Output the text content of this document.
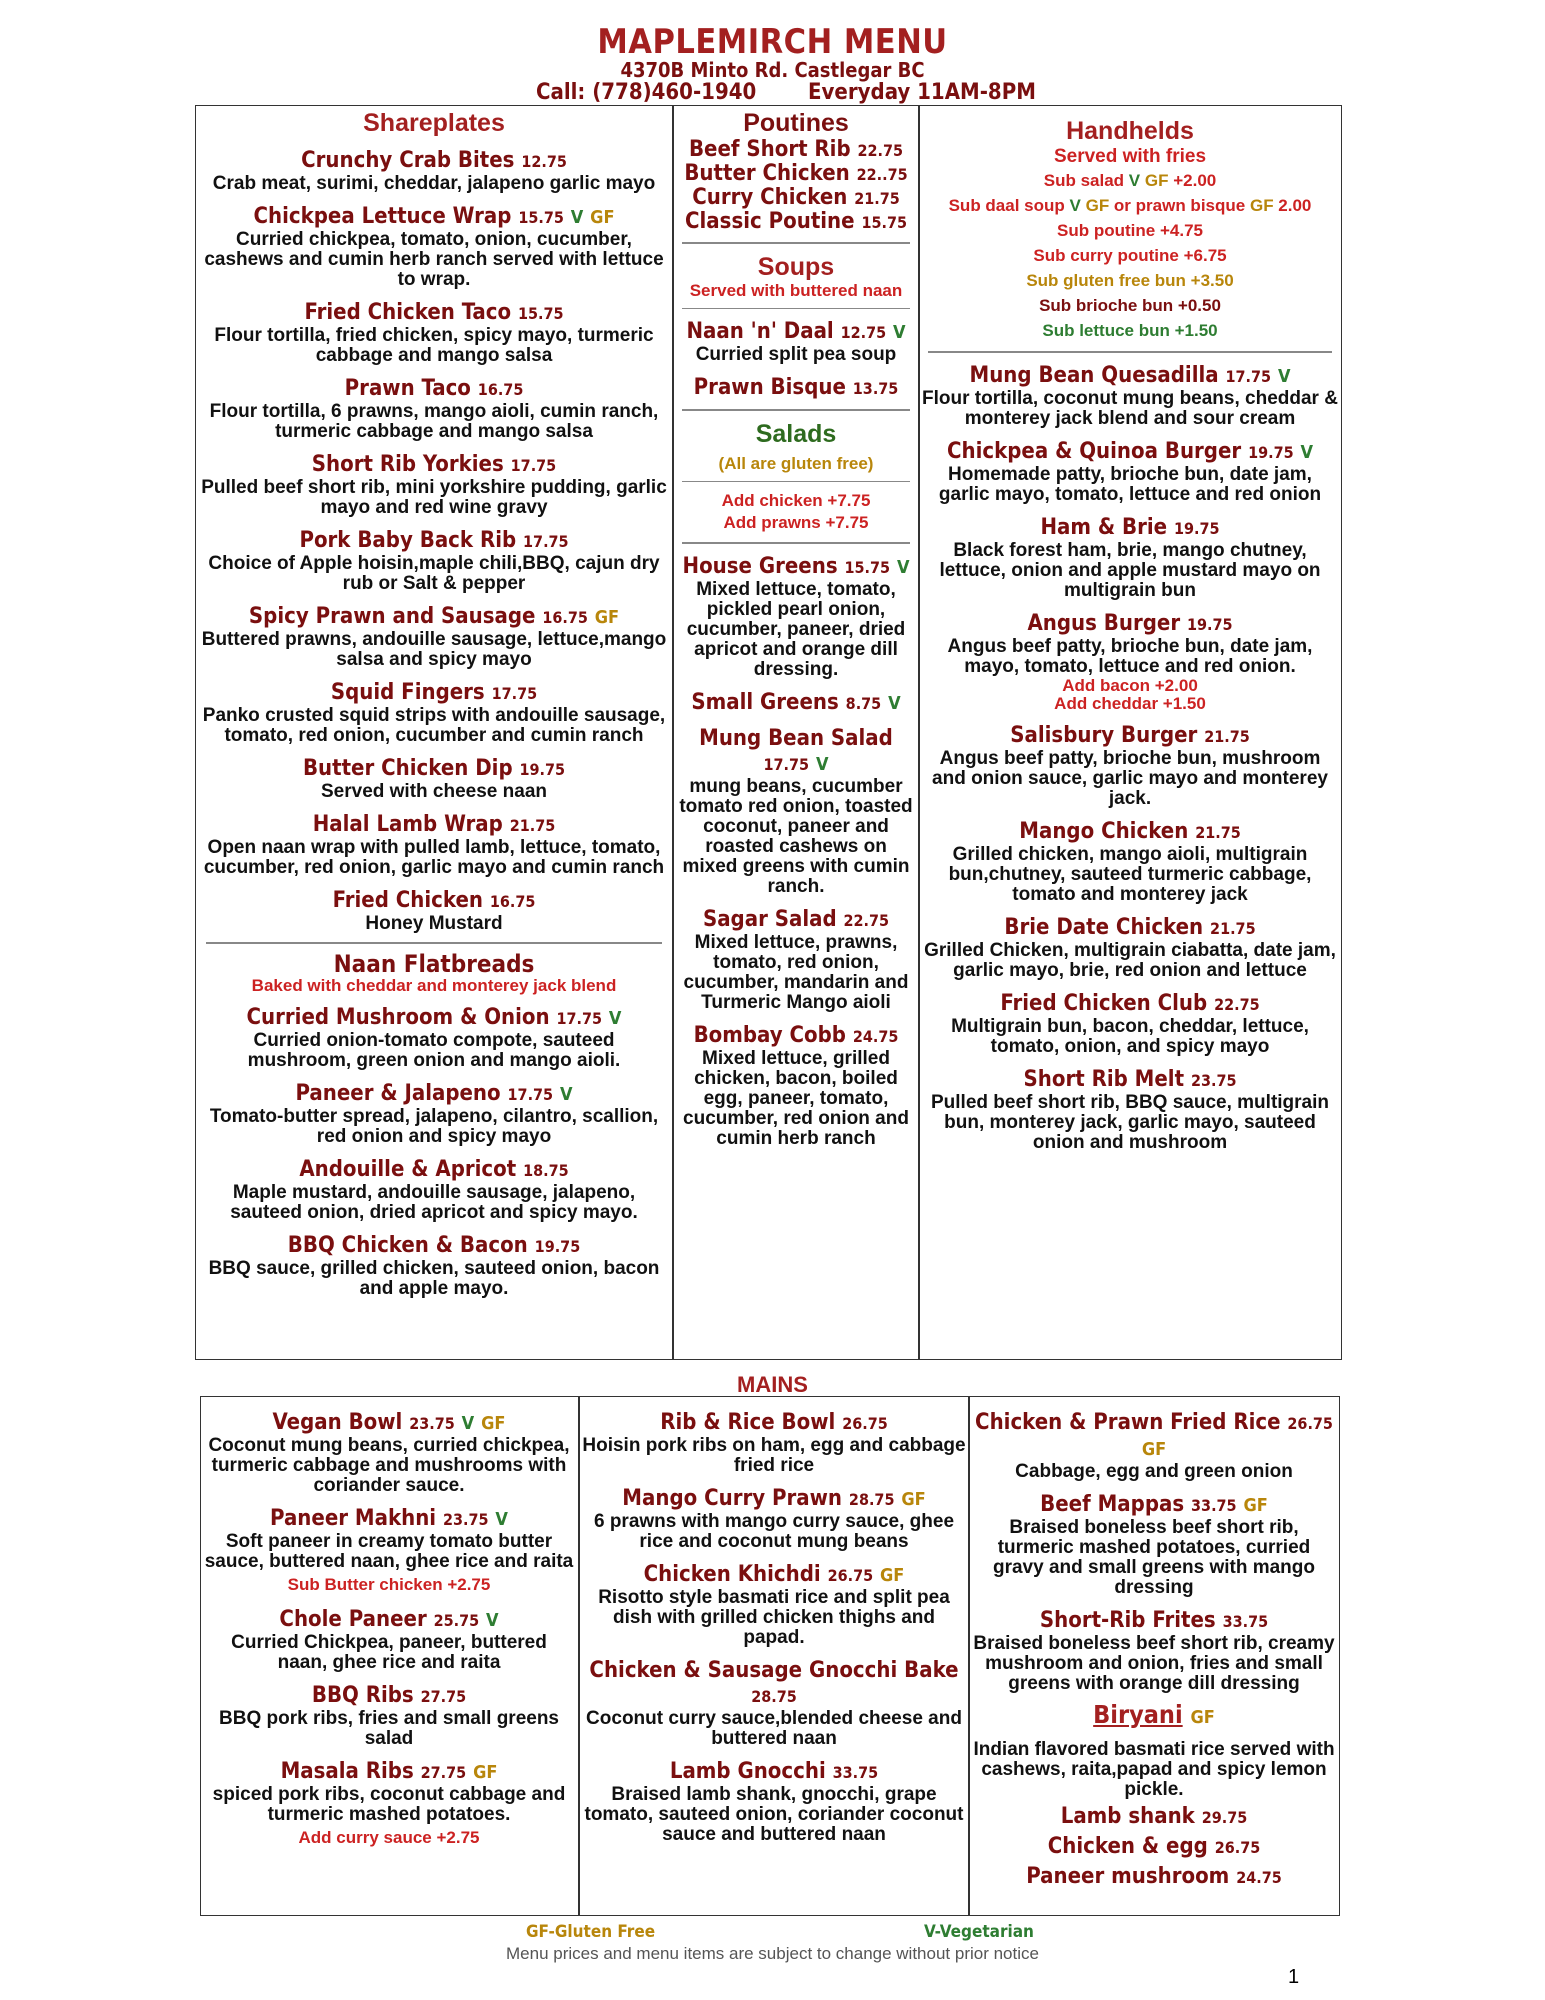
MAPLEMIRCH MENU
4370B Minto Rd. Castlegar BC
Call: (778)460-1940 Everyday 11AM-8PM
Shareplates
Crunchy Crab Bites 12.75
Crab meat, surimi, cheddar, jalapeno garlic mayo
Chickpea Lettuce Wrap 15.75 V GF
Curried chickpea, tomato, onion, cucumber, cashews and cumin herb ranch served with lettuce to wrap.
Fried Chicken Taco 15.75
Flour tortilla, fried chicken, spicy mayo, turmeric cabbage and mango salsa
Prawn Taco 16.75
Flour tortilla, 6 prawns, mango aioli, cumin ranch, turmeric cabbage and mango salsa
Short Rib Yorkies 17.75
Pulled beef short rib, mini yorkshire pudding, garlic mayo and red wine gravy
Pork Baby Back Rib 17.75
Choice of Apple hoisin,maple chili,BBQ, cajun dry rub or Salt & pepper
Spicy Prawn and Sausage 16.75 GF
Buttered prawns, andouille sausage, lettuce,mango salsa and spicy mayo
Squid Fingers 17.75
Panko crusted squid strips with andouille sausage, tomato, red onion, cucumber and cumin ranch
Butter Chicken Dip 19.75
Served with cheese naan
Halal Lamb Wrap 21.75
Open naan wrap with pulled lamb, lettuce, tomato, cucumber, red onion, garlic mayo and cumin ranch
Fried Chicken 16.75
Honey Mustard
Naan Flatbreads
Baked with cheddar and monterey jack blend
Curried Mushroom & Onion 17.75 V
Curried onion-tomato compote, sauteed mushroom, green onion and mango aioli.
Paneer & Jalapeno 17.75 V
Tomato-butter spread, jalapeno, cilantro, scallion, red onion and spicy mayo
Andouille & Apricot 18.75
Maple mustard, andouille sausage, jalapeno, sauteed onion, dried apricot and spicy mayo.
BBQ Chicken & Bacon 19.75
BBQ sauce, grilled chicken, sauteed onion, bacon and apple mayo.
Poutines
Beef Short Rib 22.75
Butter Chicken 22..75
Curry Chicken 21.75
Classic Poutine 15.75
Soups
Served with buttered naan
Naan 'n' Daal 12.75 V
Curried split pea soup
Prawn Bisque 13.75
Salads
(All are gluten free)
Add chicken +7.75
Add prawns +7.75
House Greens 15.75 V
Mixed lettuce, tomato, pickled pearl onion, cucumber, paneer, dried apricot and orange dill dressing.
Small Greens 8.75 V
Mung Bean Salad 17.75 V
mung beans, cucumber tomato red onion, toasted coconut, paneer and roasted cashews on mixed greens with cumin ranch.
Sagar Salad 22.75
Mixed lettuce, prawns, tomato, red onion, cucumber, mandarin and Turmeric Mango aioli
Bombay Cobb 24.75
Mixed lettuce, grilled chicken, bacon, boiled egg, paneer, tomato, cucumber, red onion and cumin herb ranch
Handhelds
Served with fries
Sub salad V GF +2.00
Sub daal soup V GF or prawn bisque GF 2.00
Sub poutine +4.75
Sub curry poutine +6.75
Sub gluten free bun +3.50
Sub brioche bun +0.50
Sub lettuce bun +1.50
Mung Bean Quesadilla 17.75 V
Flour tortilla, coconut mung beans, cheddar & monterey jack blend and sour cream
Chickpea & Quinoa Burger 19.75 V
Homemade patty, brioche bun, date jam, garlic mayo, tomato, lettuce and red onion
Ham & Brie 19.75
Black forest ham, brie, mango chutney, lettuce, onion and apple mustard mayo on multigrain bun
Angus Burger 19.75
Angus beef patty, brioche bun, date jam, mayo, tomato, lettuce and red onion.
Add bacon +2.00
Add cheddar +1.50
Salisbury Burger 21.75
Angus beef patty, brioche bun, mushroom and onion sauce, garlic mayo and monterey jack.
Mango Chicken 21.75
Grilled chicken, mango aioli, multigrain bun,chutney, sauteed turmeric cabbage, tomato and monterey jack
Brie Date Chicken 21.75
Grilled Chicken, multigrain ciabatta, date jam, garlic mayo, brie, red onion and lettuce
Fried Chicken Club 22.75
Multigrain bun, bacon, cheddar, lettuce, tomato, onion, and spicy mayo
Short Rib Melt 23.75
Pulled beef short rib, BBQ sauce, multigrain bun, monterey jack, garlic mayo, sauteed onion and mushroom
MAINS
Vegan Bowl 23.75 V GF
Coconut mung beans, curried chickpea, turmeric cabbage and mushrooms with coriander sauce.
Paneer Makhni 23.75 V
Soft paneer in creamy tomato butter sauce, buttered naan, ghee rice and raita
Sub Butter chicken +2.75
Chole Paneer 25.75 V
Curried Chickpea, paneer, buttered naan, ghee rice and raita
BBQ Ribs 27.75
BBQ pork ribs, fries and small greens salad
Masala Ribs 27.75 GF
spiced pork ribs, coconut cabbage and turmeric mashed potatoes.
Add curry sauce +2.75
Rib & Rice Bowl 26.75
Hoisin pork ribs on ham, egg and cabbage fried rice
Mango Curry Prawn 28.75 GF
6 prawns with mango curry sauce, ghee rice and coconut mung beans
Chicken Khichdi 26.75 GF
Risotto style basmati rice and split pea dish with grilled chicken thighs and papad.
Chicken & Sausage Gnocchi Bake 28.75
Coconut curry sauce,blended cheese and buttered naan
Lamb Gnocchi 33.75
Braised lamb shank, gnocchi, grape tomato, sauteed onion, coriander coconut sauce and buttered naan
Chicken & Prawn Fried Rice 26.75 GF
Cabbage, egg and green onion
Beef Mappas 33.75 GF
Braised boneless beef short rib, turmeric mashed potatoes, curried gravy and small greens with mango dressing
Short-Rib Frites 33.75
Braised boneless beef short rib, creamy mushroom and onion, fries and small greens with orange dill dressing
Biryani GF
Indian flavored basmati rice served with cashews, raita,papad and spicy lemon pickle.
Lamb shank 29.75
Chicken & egg 26.75
Paneer mushroom 24.75
GF-Gluten Free	V-Vegetarian
Menu prices and menu items are subject to change without prior notice
1
